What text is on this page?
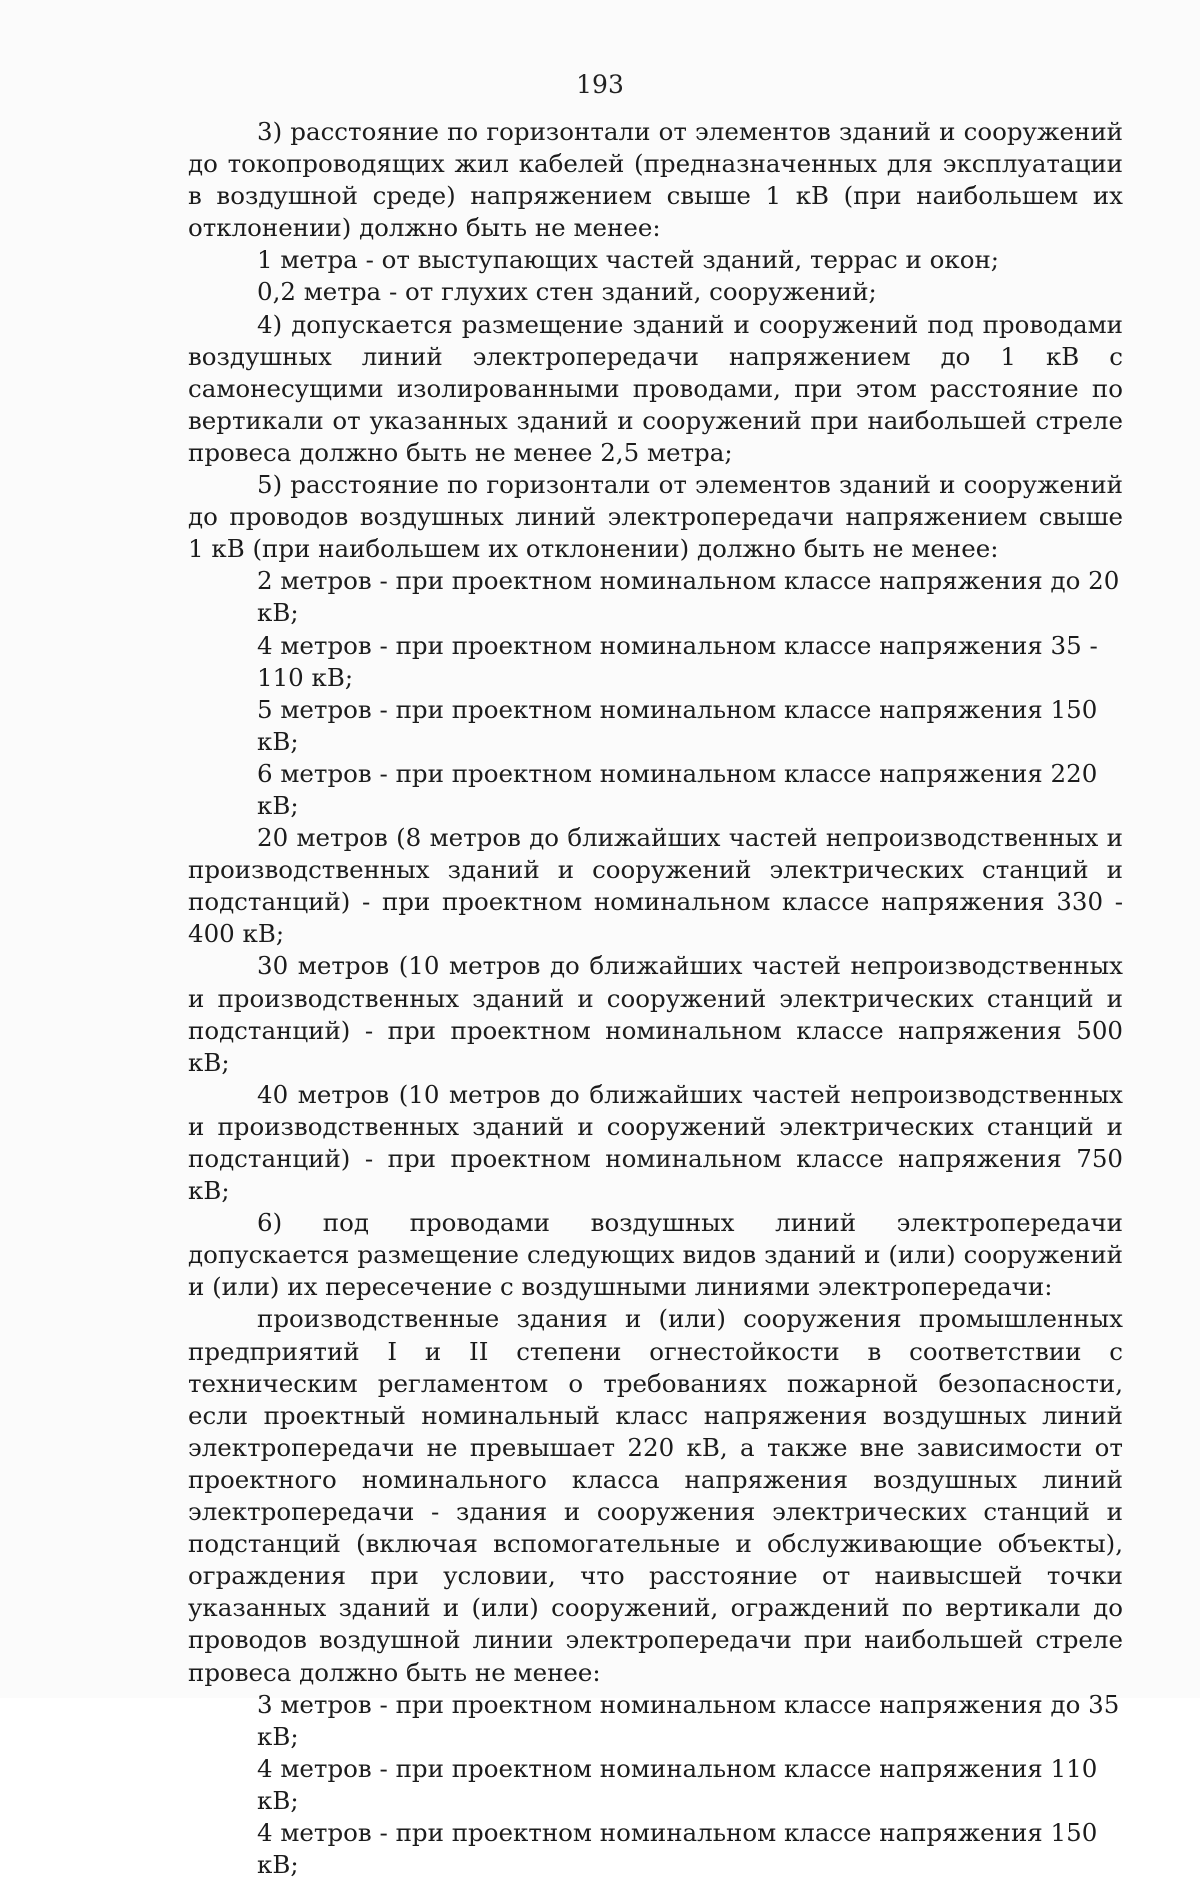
193

3) расстояние по горизонтали от элементов зданий и сооружений до токопроводящих жил кабелей (предназначенных для эксплуатации в воздушной среде) напряжением свыше 1 кВ (при наибольшем их отклонении) должно быть не менее:

1 метра - от выступающих частей зданий, террас и окон;

0,2 метра - от глухих стен зданий, сооружений;

4) допускается размещение зданий и сооружений под проводами воздушных линий электропередачи напряжением до 1 кВ с самонесущими изолированными проводами, при этом расстояние по вертикали от указанных зданий и сооружений при наибольшей стреле провеса должно быть не менее 2,5 метра;

5) расстояние по горизонтали от элементов зданий и сооружений до проводов воздушных линий электропередачи напряжением свыше 1 кВ (при наибольшем их отклонении) должно быть не менее:

2 метров - при проектном номинальном классе напряжения до 20 кВ;

4 метров - при проектном номинальном классе напряжения 35 - 110 кВ;

5 метров - при проектном номинальном классе напряжения 150 кВ;

6 метров - при проектном номинальном классе напряжения 220 кВ;

20 метров (8 метров до ближайших частей непроизводственных и производственных зданий и сооружений электрических станций и подстанций) - при проектном номинальном классе напряжения 330 - 400 кВ;

30 метров (10 метров до ближайших частей непроизводственных и производственных зданий и сооружений электрических станций и подстанций) - при проектном номинальном классе напряжения 500 кВ;

40 метров (10 метров до ближайших частей непроизводственных и производственных зданий и сооружений электрических станций и подстанций) - при проектном номинальном классе напряжения 750 кВ;

6) под проводами воздушных линий электропередачи допускается размещение следующих видов зданий и (или) сооружений и (или) их пересечение с воздушными линиями электропередачи:

производственные здания и (или) сооружения промышленных предприятий I и II степени огнестойкости в соответствии с техническим регламентом о требованиях пожарной безопасности, если проектный номинальный класс напряжения воздушных линий электропередачи не превышает 220 кВ, а также вне зависимости от проектного номинального класса напряжения воздушных линий электропередачи - здания и сооружения электрических станций и подстанций (включая вспомогательные и обслуживающие объекты), ограждения при условии, что расстояние от наивысшей точки указанных зданий и (или) сооружений, ограждений по вертикали до проводов воздушной линии электропередачи при наибольшей стреле провеса должно быть не менее:

3 метров - при проектном номинальном классе напряжения до 35 кВ;

4 метров - при проектном номинальном классе напряжения 110 кВ;

4 метров - при проектном номинальном классе напряжения 150 кВ;
